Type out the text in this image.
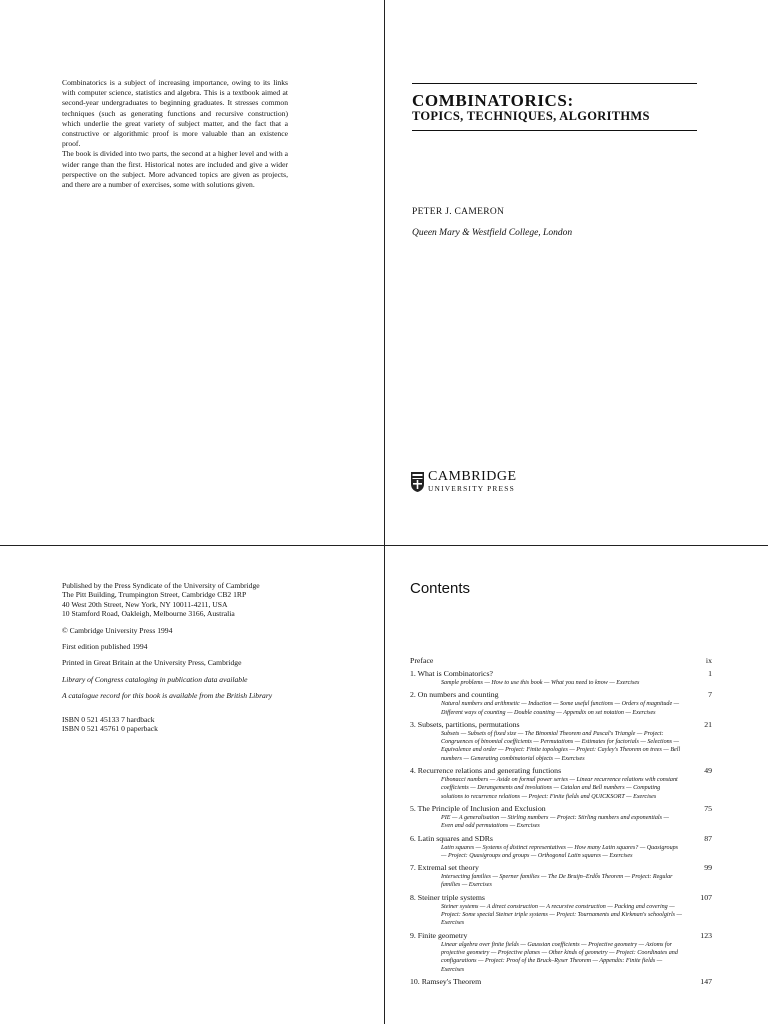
Combinatorics is a subject of increasing importance, owing to its links with computer science, statistics and algebra. This is a textbook aimed at second-year undergraduates to beginning graduates. It stresses common techniques (such as generating functions and recursive construction) which underlie the great variety of subject matter, and the fact that a constructive or algorithmic proof is more valuable than an existence proof.

The book is divided into two parts, the second at a higher level and with a wider range than the first. Historical notes are included and give a wider perspective on the subject. More advanced topics are given as projects, and there are a number of exercises, some with solutions given.

COMBINATORICS:
TOPICS, TECHNIQUES, ALGORITHMS
PETER J. CAMERON
Queen Mary & Westfield College, London
CAMBRIDGE
UNIVERSITY PRESS
Published by the Press Syndicate of the University of Cambridge
The Pitt Building, Trumpington Street, Cambridge CB2 1RP
40 West 20th Street, New York, NY 10011-4211, USA
10 Stamford Road, Oakleigh, Melbourne 3166, Australia
© Cambridge University Press 1994
First edition published 1994
Printed in Great Britain at the University Press, Cambridge
Library of Congress cataloging in publication data available
A catalogue record for this book is available from the British Library
ISBN 0 521 45133 7 hardback
ISBN 0 521 45761 0 paperback
Contents
Preface	ix
1. What is Combinatorics?	1
Sample problems — How to use this book — What you need to know — Exercises
2. On numbers and counting	7
Natural numbers and arithmetic — Induction — Some useful functions — Orders of magnitude — Different ways of counting — Double counting — Appendix on set notation — Exercises
3. Subsets, partitions, permutations	21
Subsets — Subsets of fixed size — The Binomial Theorem and Pascal's Triangle — Project: Congruences of binomial coefficients — Permutations — Estimates for factorials — Selections — Equivalence and order — Project: Finite topologies — Project: Cayley's Theorem on trees — Bell numbers — Generating combinatorial objects — Exercises
4. Recurrence relations and generating functions	49
Fibonacci numbers — Aside on formal power series — Linear recurrence relations with constant coefficients — Derangements and involutions — Catalan and Bell numbers — Computing solutions to recurrence relations — Project: Finite fields and QUICKSORT — Exercises
5. The Principle of Inclusion and Exclusion	75
PIE — A generalisation — Stirling numbers — Project: Stirling numbers and exponentials — Even and odd permutations — Exercises
6. Latin squares and SDRs	87
Latin squares — Systems of distinct representatives — How many Latin squares? — Quasigroups — Project: Quasigroups and groups — Orthogonal Latin squares — Exercises
7. Extremal set theory	99
Intersecting families — Sperner families — The De Bruijn–Erdős Theorem — Project: Regular families — Exercises
8. Steiner triple systems	107
Steiner systems — A direct construction — A recursive construction — Packing and covering — Project: Some special Steiner triple systems — Project: Tournaments and Kirkman's schoolgirls — Exercises
9. Finite geometry	123
Linear algebra over finite fields — Gaussian coefficients — Projective geometry — Axioms for projective geometry — Projective planes — Other kinds of geometry — Project: Coordinates and configurations — Project: Proof of the Bruck–Ryser Theorem — Appendix: Finite fields — Exercises
10. Ramsey's Theorem	147
